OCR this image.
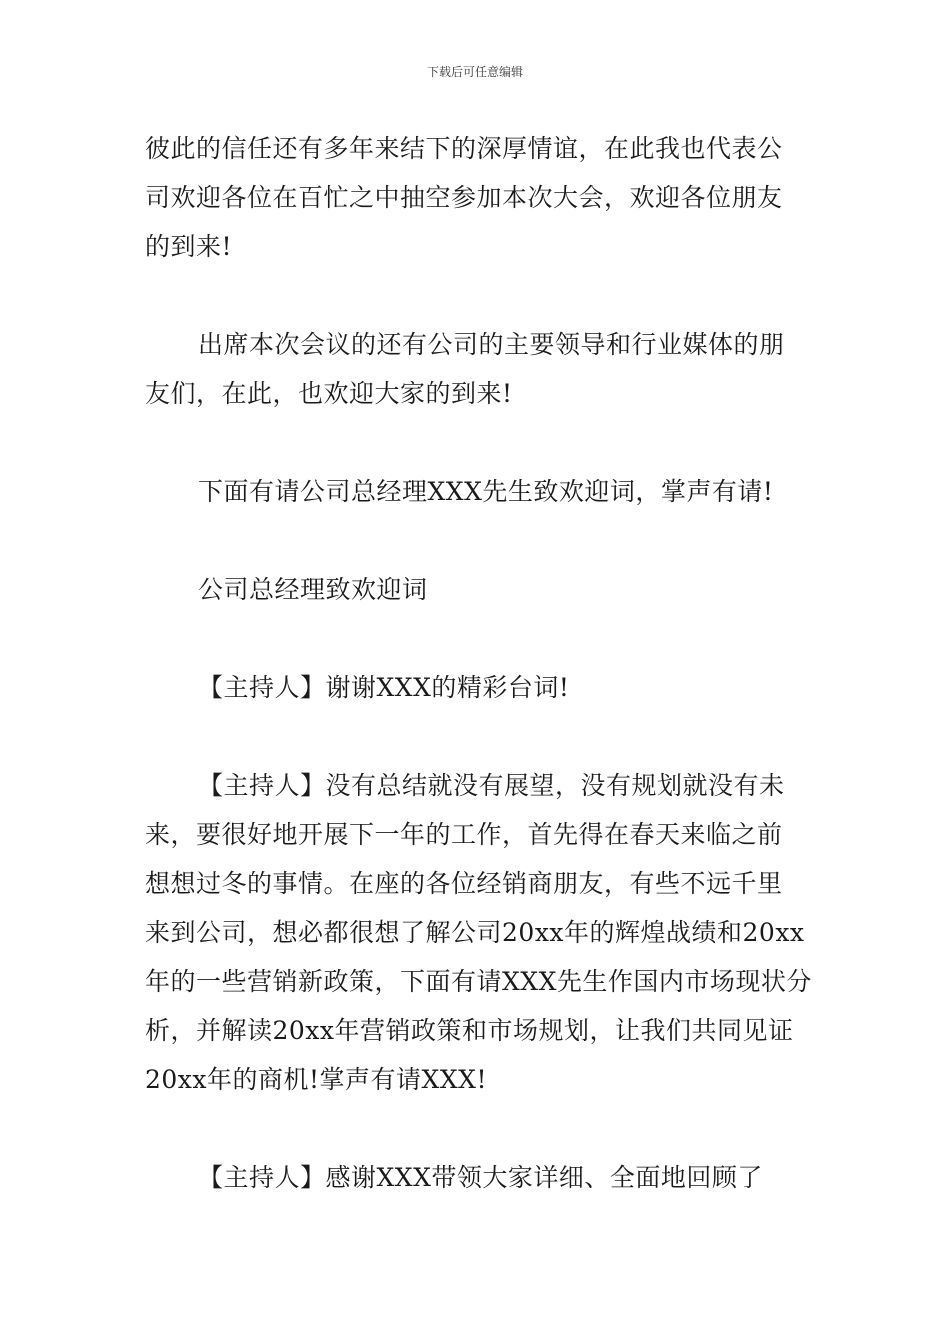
下载后可任意编辑
彼此的信任还有多年来结下的深厚情谊，在此我也代表公
司欢迎各位在百忙之中抽空参加本次大会，欢迎各位朋友
的到来!
出席本次会议的还有公司的主要领导和行业媒体的朋
友们，在此，也欢迎大家的到来!
下面有请公司总经理XXX先生致欢迎词，掌声有请!
公司总经理致欢迎词
【主持人】谢谢XXX的精彩台词!
【主持人】没有总结就没有展望，没有规划就没有未
来，要很好地开展下一年的工作，首先得在春天来临之前
想想过冬的事情。在座的各位经销商朋友，有些不远千里
来到公司，想必都很想了解公司20xx年的辉煌战绩和20xx
年的一些营销新政策，下面有请XXX先生作国内市场现状分
析，并解读20xx年营销政策和市场规划，让我们共同见证
20xx年的商机!掌声有请XXX!
【主持人】感谢XXX带领大家详细、全面地回顾了
